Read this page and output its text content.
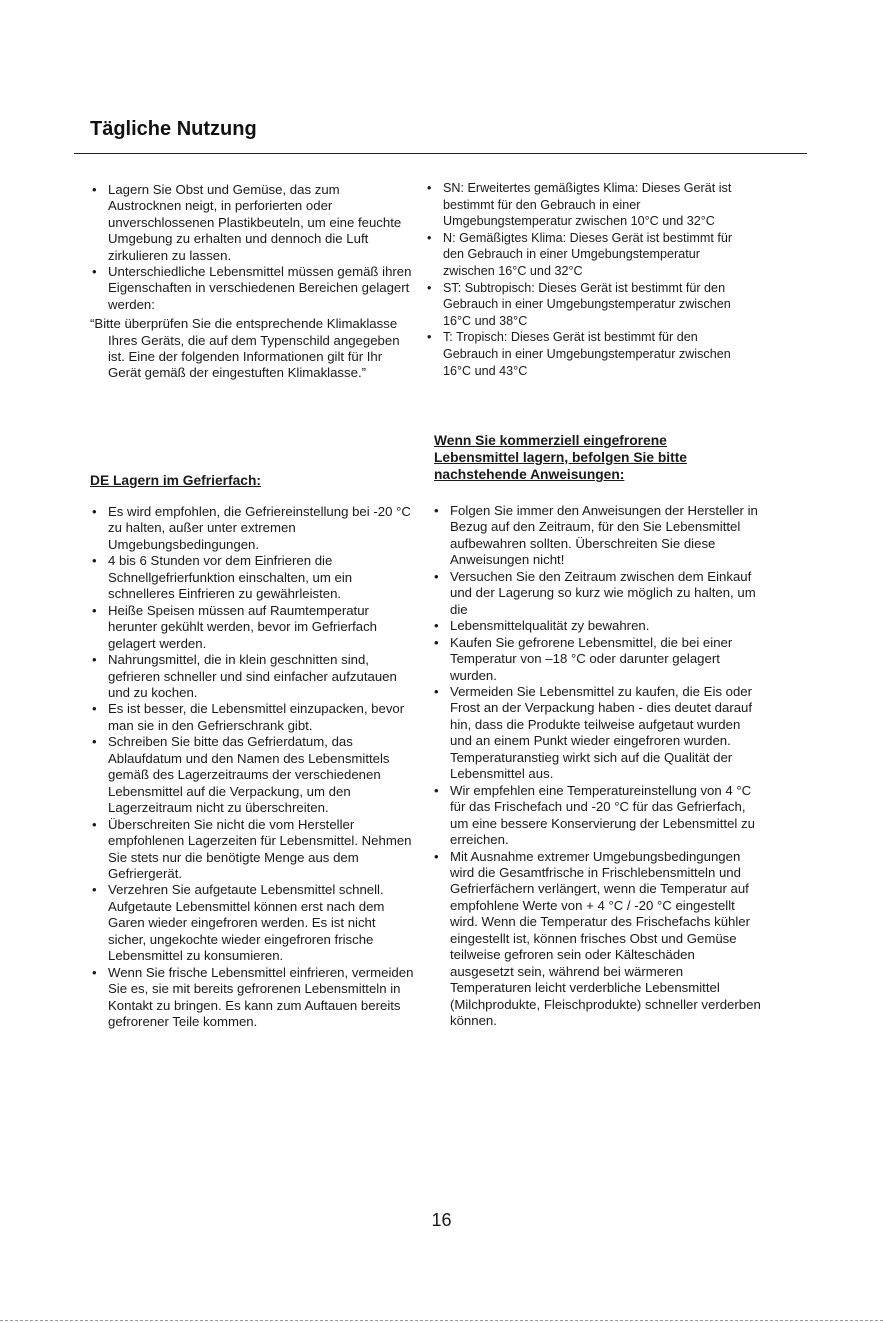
Tägliche Nutzung
• Lagern Sie Obst und Gemüse, das zum Austrocknen neigt, in perforierten oder unverschlossenen Plastikbeuteln, um eine feuchte Umgebung zu erhalten und dennoch die Luft zirkulieren zu lassen.
• Unterschiedliche Lebensmittel müssen gemäß ihren Eigenschaften in verschiedenen Bereichen gelagert werden:

“Bitte überprüfen Sie die entsprechende Klimaklasse Ihres Geräts, die auf dem Typenschild angegeben ist. Eine der folgenden Informationen gilt für Ihr Gerät gemäß der eingestuften Klimaklasse.”

DE Lagern im Gefrierfach:
• Es wird empfohlen, die Gefriereinstellung bei -20 °C zu halten, außer unter extremen Umgebungsbedingungen.
• 4 bis 6 Stunden vor dem Einfrieren die Schnellgefrierfunktion einschalten, um ein schnelleres Einfrieren zu gewährleisten.
• Heiße Speisen müssen auf Raumtemperatur herunter gekühlt werden, bevor im Gefrierfach gelagert werden.
• Nahrungsmittel, die in klein geschnitten sind, gefrieren schneller und sind einfacher aufzutauen und zu kochen.
• Es ist besser, die Lebensmittel einzupacken, bevor man sie in den Gefrierschrank gibt.
• Schreiben Sie bitte das Gefrierdatum, das Ablaufdatum und den Namen des Lebensmittels gemäß des Lagerzeitraums der verschiedenen Lebensmittel auf die Verpackung, um den Lagerzeitraum nicht zu überschreiten.
• Überschreiten Sie nicht die vom Hersteller empfohlenen Lagerzeiten für Lebensmittel. Nehmen Sie stets nur die benötigte Menge aus dem Gefriergerät.
• Verzehren Sie aufgetaute Lebensmittel schnell. Aufgetaute Lebensmittel können erst nach dem Garen wieder eingefroren werden. Es ist nicht sicher, ungekochte wieder eingefroren frische Lebensmittel zu konsumieren.
• Wenn Sie frische Lebensmittel einfrieren, vermeiden Sie es, sie mit bereits gefrorenen Lebensmitteln in Kontakt zu bringen. Es kann zum Auftauen bereits gefrorener Teile kommen.
• SN: Erweitertes gemäßigtes Klima: Dieses Gerät ist bestimmt für den Gebrauch in einer Umgebungstemperatur zwischen 10°C und 32°C
• N: Gemäßigtes Klima: Dieses Gerät ist bestimmt für den Gebrauch in einer Umgebungstemperatur zwischen 16°C und 32°C
• ST: Subtropisch: Dieses Gerät ist bestimmt für den Gebrauch in einer Umgebungstemperatur zwischen 16°C und 38°C
• T: Tropisch: Dieses Gerät ist bestimmt für den Gebrauch in einer Umgebungstemperatur zwischen 16°C und 43°C
Wenn Sie kommerziell eingefrorene Lebensmittel lagern, befolgen Sie bitte nachstehende Anweisungen:
• Folgen Sie immer den Anweisungen der Hersteller in Bezug auf den Zeitraum, für den Sie Lebensmittel aufbewahren sollten. Überschreiten Sie diese Anweisungen nicht!
• Versuchen Sie den Zeitraum zwischen dem Einkauf und der Lagerung so kurz wie möglich zu halten, um die
• Lebensmittelqualität zy bewahren.
• Kaufen Sie gefrorene Lebensmittel, die bei einer Temperatur von –18 °C oder darunter gelagert wurden.
• Vermeiden Sie Lebensmittel zu kaufen, die Eis oder Frost an der Verpackung haben - dies deutet darauf hin, dass die Produkte teilweise aufgetaut wurden und an einem Punkt wieder eingefroren wurden. Temperaturanstieg wirkt sich auf die Qualität der Lebensmittel aus.
• Wir empfehlen eine Temperatureinstellung von 4 °C für das Frischefach und -20 °C für das Gefrierfach, um eine bessere Konservierung der Lebensmittel zu erreichen.
• Mit Ausnahme extremer Umgebungsbedingungen wird die Gesamtfrische in Frischlebensmitteln und Gefrierfächern verlängert, wenn die Temperatur auf empfohlene Werte von + 4 °C / -20 °C eingestellt wird. Wenn die Temperatur des Frischefachs kühler eingestellt ist, können frisches Obst und Gemüse teilweise gefroren sein oder Kälteschäden ausgesetzt sein, während bei wärmeren Temperaturen leicht verderbliche Lebensmittel (Milchprodukte, Fleischprodukte) schneller verderben können.
16
